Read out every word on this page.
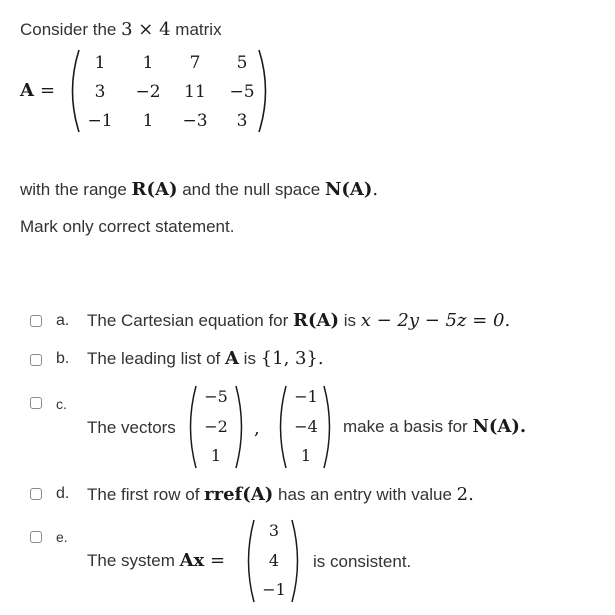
Consider the 3 × 4 matrix
A =
1	1	7	5
3	−2	11	−5
−1	1	−3	3
with the range R(A) and the null space N(A).
Mark only correct statement.
a. The Cartesian equation for R(A) is x − 2y − 5z = 0.
b. The leading list of A is {1, 3}.
c.
The vectors
−5
−2
1
,
−1
−4
1
make a basis for N(A).
d. The first row of rref(A) has an entry with value 2.
e.
The system Ax =
3
4
−1
is consistent.
